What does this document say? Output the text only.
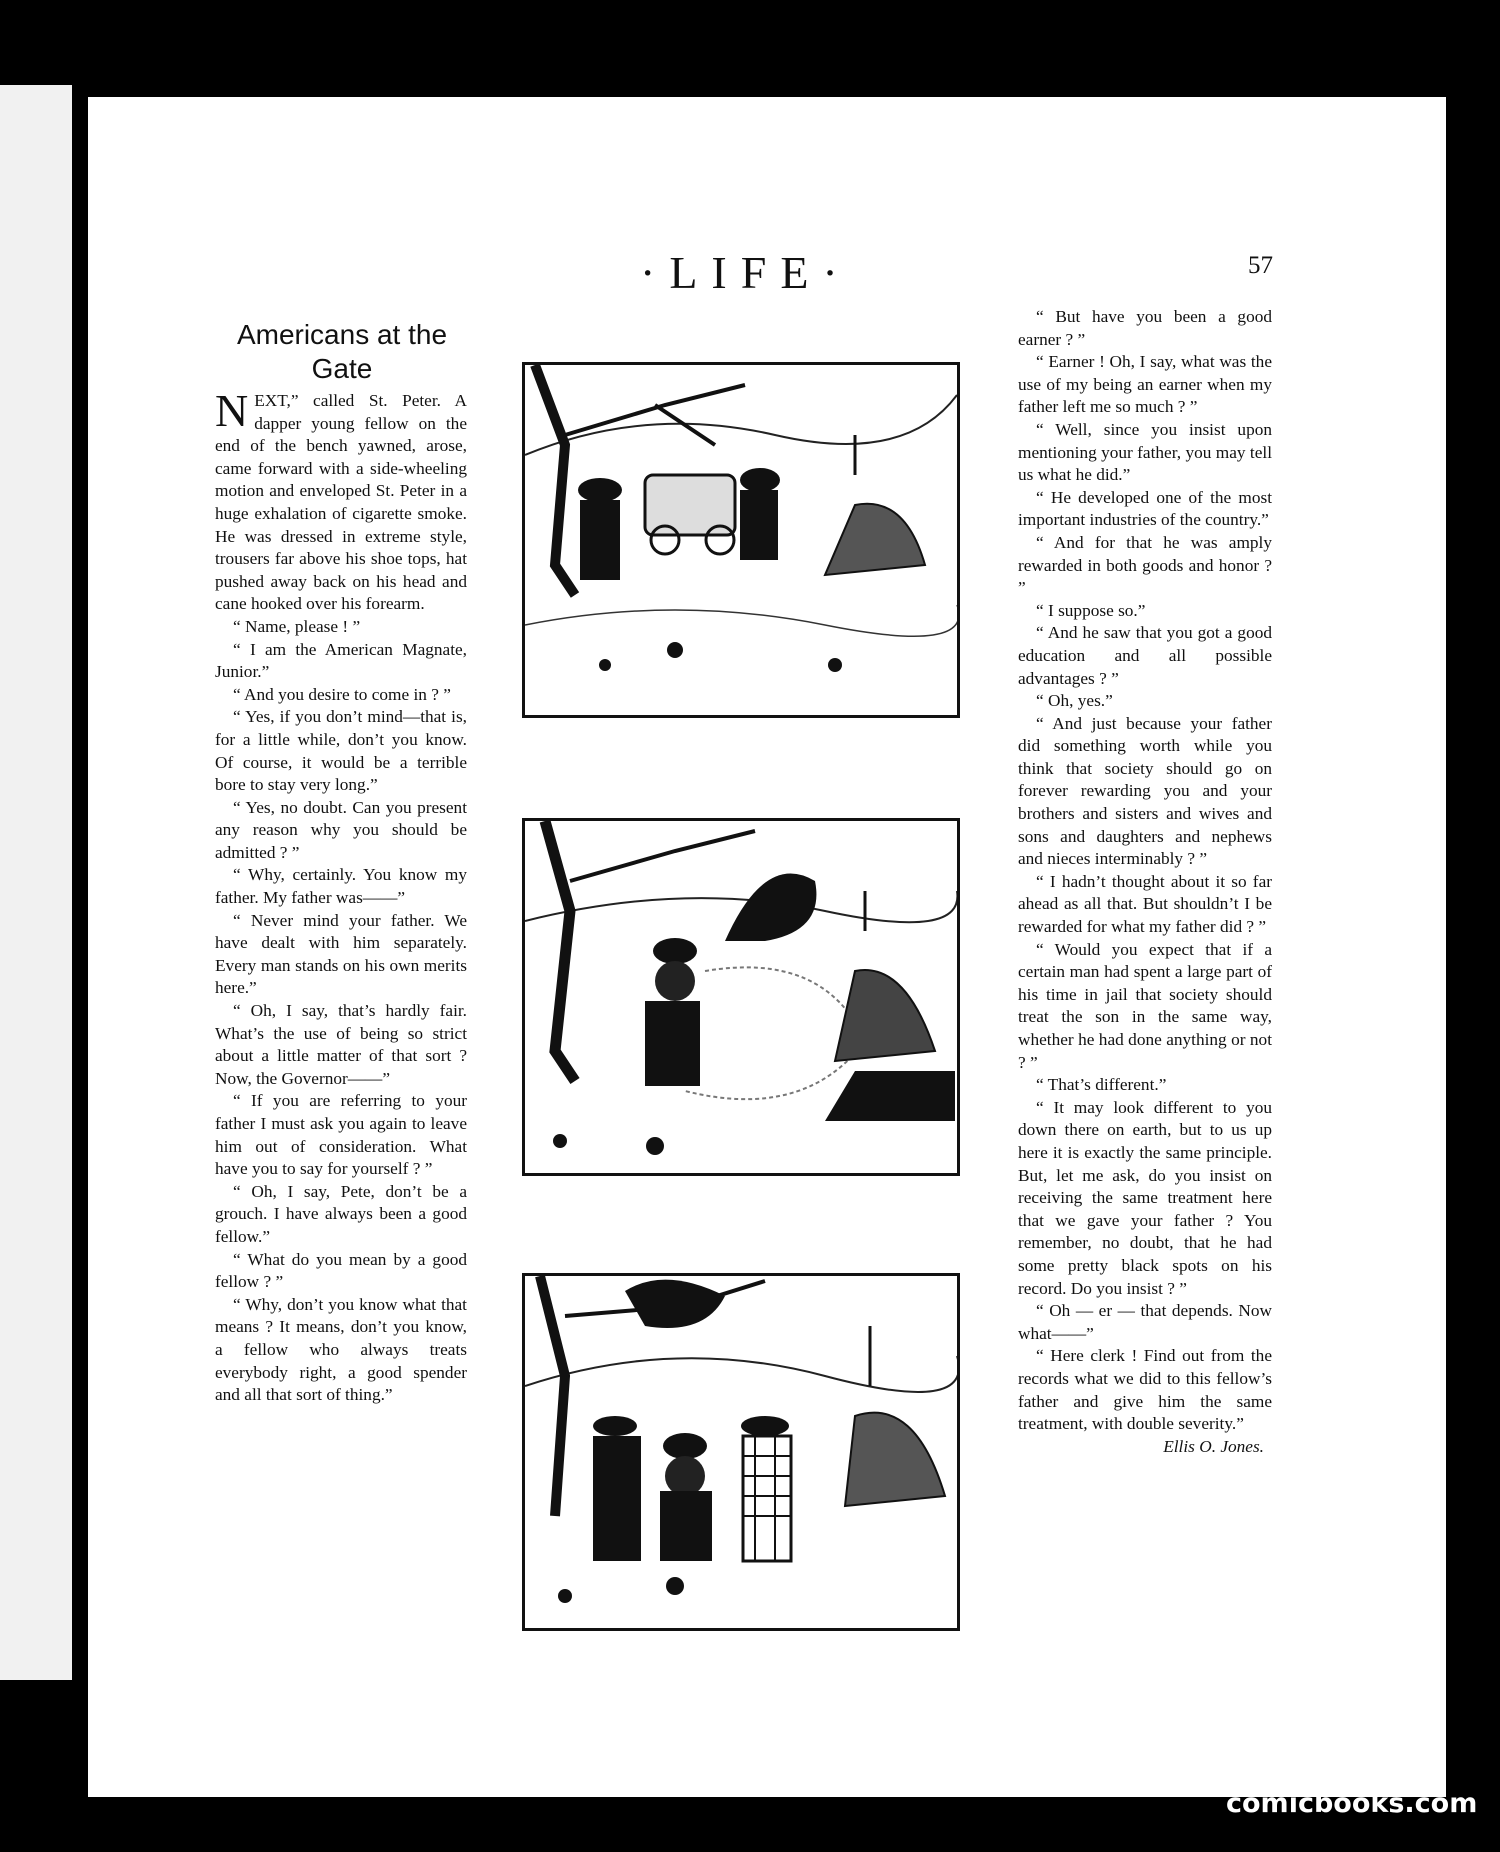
·LIFE·	57
Americans at the Gate

NEXT,” called St. Peter. A dapper young fellow on the end of the bench yawned, arose, came forward with a side-wheeling motion and enveloped St. Peter in a huge exhalation of cigarette smoke. He was dressed in extreme style, trousers far above his shoe tops, hat pushed away back on his head and cane hooked over his forearm.

“ Name, please ! ”

“ I am the American Magnate, Junior.”

“ And you desire to come in ? ”

“ Yes, if you don’t mind—that is, for a little while, don’t you know. Of course, it would be a terrible bore to stay very long.”

“ Yes, no doubt. Can you present any reason why you should be admitted ? ”

“ Why, certainly. You know my father. My father was——”

“ Never mind your father. We have dealt with him separately. Every man stands on his own merits here.”

“ Oh, I say, that’s hardly fair. What’s the use of being so strict about a little matter of that sort ? Now, the Governor——”

“ If you are referring to your father I must ask you again to leave him out of consideration. What have you to say for yourself ? ”

“ Oh, I say, Pete, don’t be a grouch. I have always been a good fellow.”

“ What do you mean by a good fellow ? ”

“ Why, don’t you know what that means ? It means, don’t you know, a fellow who always treats everybody right, a good spender and all that sort of thing.”

“ But have you been a good earner ? ”

“ Earner ! Oh, I say, what was the use of my being an earner when my father left me so much ? ”

“ Well, since you insist upon mentioning your father, you may tell us what he did.”

“ He developed one of the most important industries of the country.”

“ And for that he was amply rewarded in both goods and honor ? ”

“ I suppose so.”

“ And he saw that you got a good education and all possible advantages ? ”

“ Oh, yes.”

“ And just because your father did something worth while you think that society should go on forever rewarding you and your brothers and sisters and wives and sons and daughters and nephews and nieces interminably ? ”

“ I hadn’t thought about it so far ahead as all that. But shouldn’t I be rewarded for what my father did ? ”

“ Would you expect that if a certain man had spent a large part of his time in jail that society should treat the son in the same way, whether he had done anything or not ? ”

“ That’s different.”

“ It may look different to you down there on earth, but to us up here it is exactly the same principle. But, let me ask, do you insist on receiving the same treatment here that we gave your father ? You remember, no doubt, that he had some pretty black spots on his record. Do you insist ? ”

“ Oh — er — that depends. Now what——”

“ Here clerk ! Find out from the records what we did to this fellow’s father and give him the same treatment, with double severity.”

Ellis O. Jones.

comicbooks.com
